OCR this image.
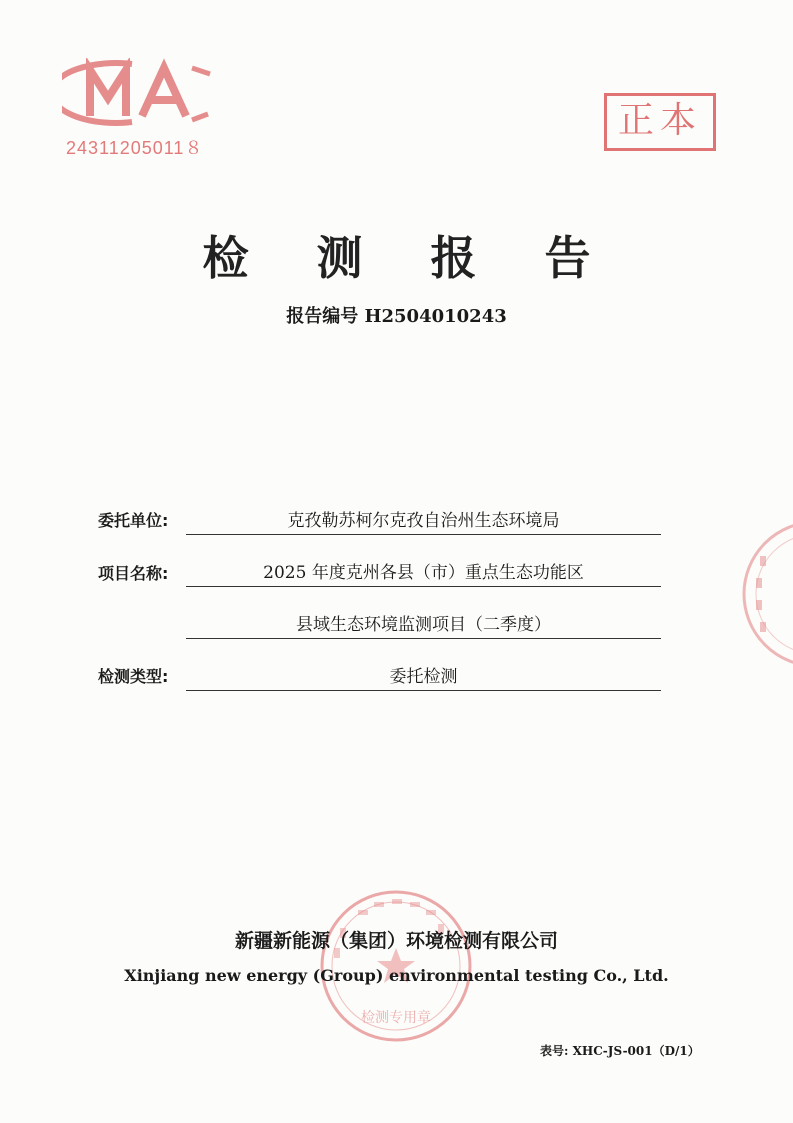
24311205011８
正本
检 测 报 告
报告编号 H2504010243
委托单位:	克孜勒苏柯尔克孜自治州生态环境局
项目名称:	2025 年度克州各县（市）重点生态功能区
县域生态环境监测项目（二季度）
检测类型:	委托检测
检测专用章
新疆新能源（集团）环境检测有限公司
Xinjiang new energy (Group) environmental testing Co., Ltd.
表号: XHC-JS-001（D/1）
